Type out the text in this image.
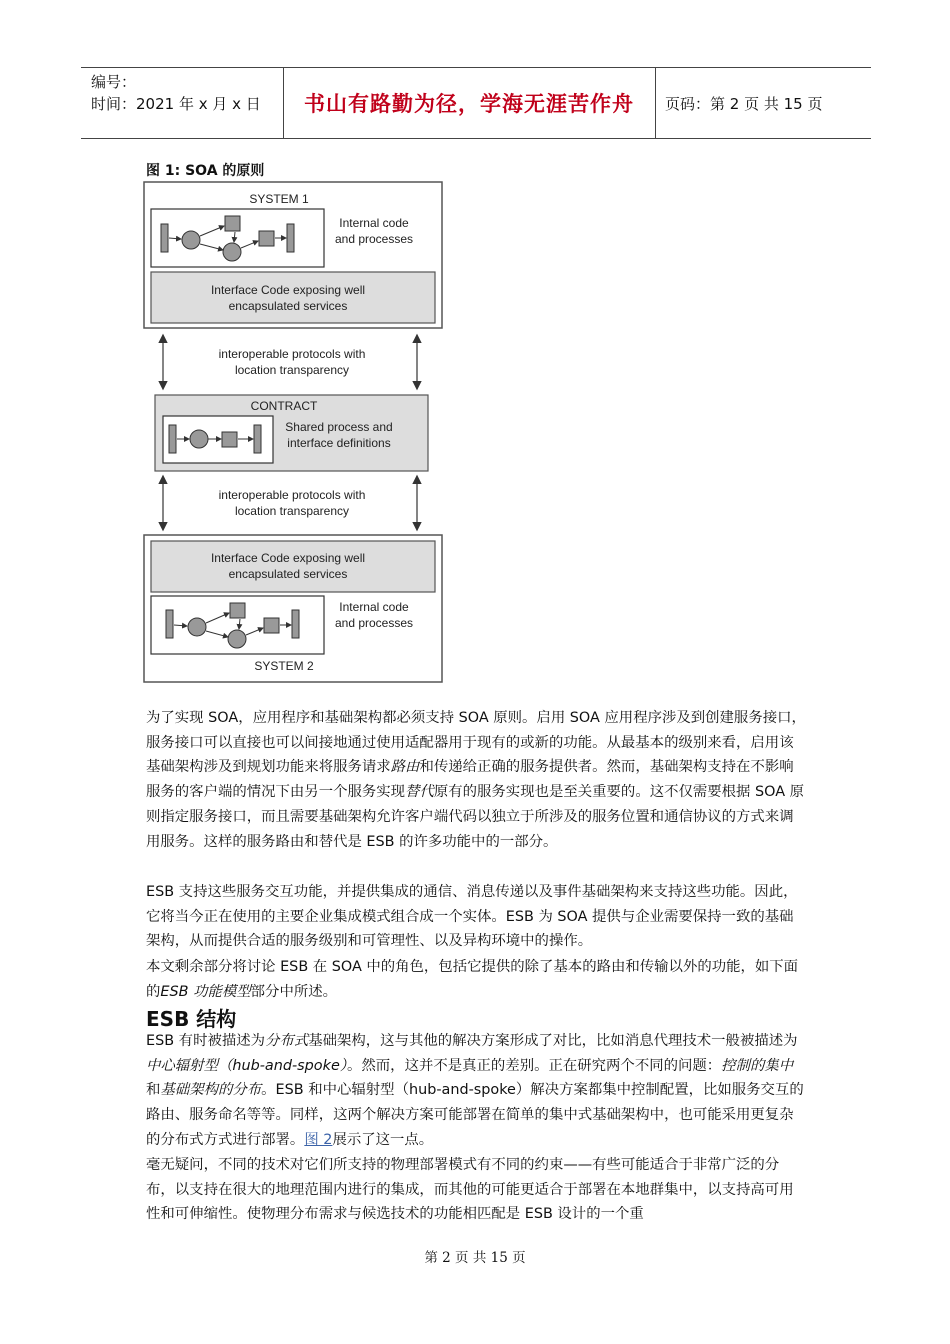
编号：
时间：2021 年 x 月 x 日	书山有路勤为径，学海无涯苦作舟	页码：第 2 页 共 15 页
图 1: SOA 的原则
SYSTEM 1
Internal code
and processes
Interface Code exposing well
encapsulated services
interoperable protocols with
location transparency
CONTRACT
Shared process and
interface definitions
interoperable protocols with
location transparency
Interface Code exposing well
encapsulated services
Internal code
and processes
SYSTEM 2
为了实现 SOA，应用程序和基础架构都必须支持 SOA 原则。启用 SOA 应用程序涉及到创建服务接口，服务接口可以直接也可以间接地通过使用适配器用于现有的或新的功能。从最基本的级别来看，启用该基础架构涉及到规划功能来将服务请求路由和传递给正确的服务提供者。然而，基础架构支持在不影响服务的客户端的情况下由另一个服务实现替代原有的服务实现也是至关重要的。这不仅需要根据 SOA 原则指定服务接口，而且需要基础架构允许客户端代码以独立于所涉及的服务位置和通信协议的方式来调用服务。这样的服务路由和替代是 ESB 的许多功能中的一部分。
ESB 支持这些服务交互功能，并提供集成的通信、消息传递以及事件基础架构来支持这些功能。因此，它将当今正在使用的主要企业集成模式组合成一个实体。ESB 为 SOA 提供与企业需要保持一致的基础架构，从而提供合适的服务级别和可管理性、以及异构环境中的操作。
本文剩余部分将讨论 ESB 在 SOA 中的角色，包括它提供的除了基本的路由和传输以外的功能，如下面的ESB 功能模型部分中所述。
ESB 结构
ESB 有时被描述为分布式基础架构，这与其他的解决方案形成了对比，比如消息代理技术一般被描述为中心辐射型（hub-and-spoke）。然而，这并不是真正的差别。正在研究两个不同的问题：控制的集中和基础架构的分布。ESB 和中心辐射型（hub-and-spoke）解决方案都集中控制配置，比如服务交互的路由、服务命名等等。同样，这两个解决方案可能部署在简单的集中式基础架构中，也可能采用更复杂的分布式方式进行部署。图 2展示了这一点。
毫无疑问，不同的技术对它们所支持的物理部署模式有不同的约束——有些可能适合于非常广泛的分布，以支持在很大的地理范围内进行的集成，而其他的可能更适合于部署在本地群集中，以支持高可用性和可伸缩性。使物理分布需求与候选技术的功能相匹配是 ESB 设计的一个重
第 2 页 共 15 页
